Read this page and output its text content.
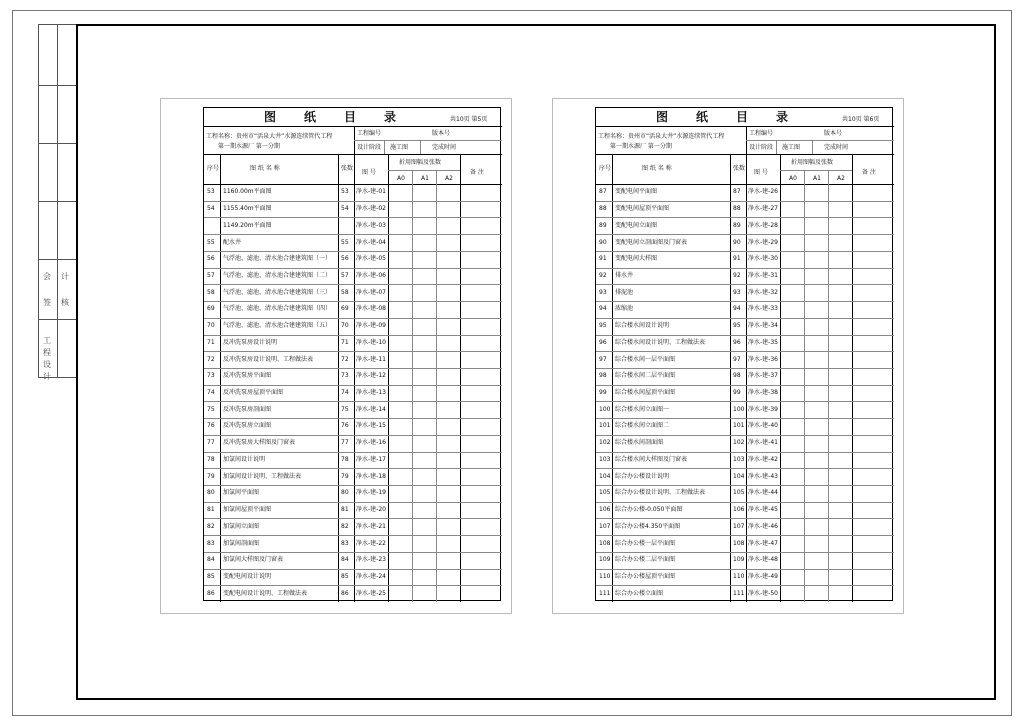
会 计
签 核
工
程
设
计
图　纸　目　录	共10页 第5页
工程名称：贵州市“活泉大井”水源连续管代工程
第一期水源厂 第一分期
工程编号	版本号
设计阶段 施工图	完成时间
序号	图 纸 名 称	张数
图 号
折用图幅及张数
A0	A1	A2
备 注
53 1160.00m平面图	53 净水-建-01
54 1155.40m平面图	54 净水-建-02
1149.20m平面图	净水-建-03
55 配水井	55 净水-建-04
56 气浮池、滤池、清水池合建建筑图（一） 56 净水-建-05
57 气浮池、滤池、清水池合建建筑图（二） 57 净水-建-06
58 气浮池、滤池、清水池合建建筑图（三） 58 净水-建-07
69 气浮池、滤池、清水池合建建筑图（四） 69 净水-建-08
70 气浮池、滤池、清水池合建建筑图（五） 70 净水-建-09
71 反冲洗泵房设计说明	71 净水-建-10
72 反冲洗泵房设计说明、工程做法表	72 净水-建-11
73 反冲洗泵房平面图	73 净水-建-12
74 反冲洗泵房屋顶平面图	74 净水-建-13
75 反冲洗泵房剖面图	75 净水-建-14
76 反冲洗泵房立面图	76 净水-建-15
77 反冲洗泵房大样图及门窗表	77 净水-建-16
78 加氯间设计说明	78 净水-建-17
79 加氯间设计说明、工程做法表	79 净水-建-18
80 加氯间平面图	80 净水-建-19
81 加氯间屋顶平面图	81 净水-建-20
82 加氯间立面图	82 净水-建-21
83 加氯间剖面图	83 净水-建-22
84 加氯间大样图及门窗表	84 净水-建-23
85 变配电间设计说明	85 净水-建-24
86 变配电间设计说明、工程做法表	86 净水-建-25
图　纸　目　录	共10页 第6页
工程名称：贵州市“活泉大井”水源连续管代工程
第一期水源厂 第一分期
工程编号	版本号
设计阶段 施工图	完成时间
序号	图 纸 名 称	张数
图 号
折用图幅及张数
A0	A1	A2
备 注
87 变配电间平面图	87 净水-建-26
88 变配电间屋顶平面图	88 净水-建-27
89 变配电间立面图	89 净水-建-28
90 变配电间立剖面图及门窗表	90 净水-建-29
91 变配电间大样图	91 净水-建-30
92 排水井	92 净水-建-31
93 排泥池	93 净水-建-32
94 浓缩池	94 净水-建-33
95 综合楼水间设计说明	95 净水-建-34
96 综合楼水间设计说明、工程做法表	96 净水-建-35
97 综合楼水间一层平面图	97 净水-建-36
98 综合楼水间二层平面图	98 净水-建-37
99 综合楼水间屋顶平面图	99 净水-建-38
100 综合楼水间立面图一	100 净水-建-39
101 综合楼水间立面图二	101 净水-建-40
102 综合楼水间剖面图	102 净水-建-41
103 综合楼水间大样图及门窗表	103 净水-建-42
104 综合办公楼设计说明	104 净水-建-43
105 综合办公楼设计说明、工程做法表	105 净水-建-44
106 综合办公楼-0.050平面图	106 净水-建-45
107 综合办公楼4.350平面图	107 净水-建-46
108 综合办公楼一层平面图	108 净水-建-47
109 综合办公楼二层平面图	109 净水-建-48
110 综合办公楼屋顶平面图	110 净水-建-49
111 综合办公楼立面图	111 净水-建-50
